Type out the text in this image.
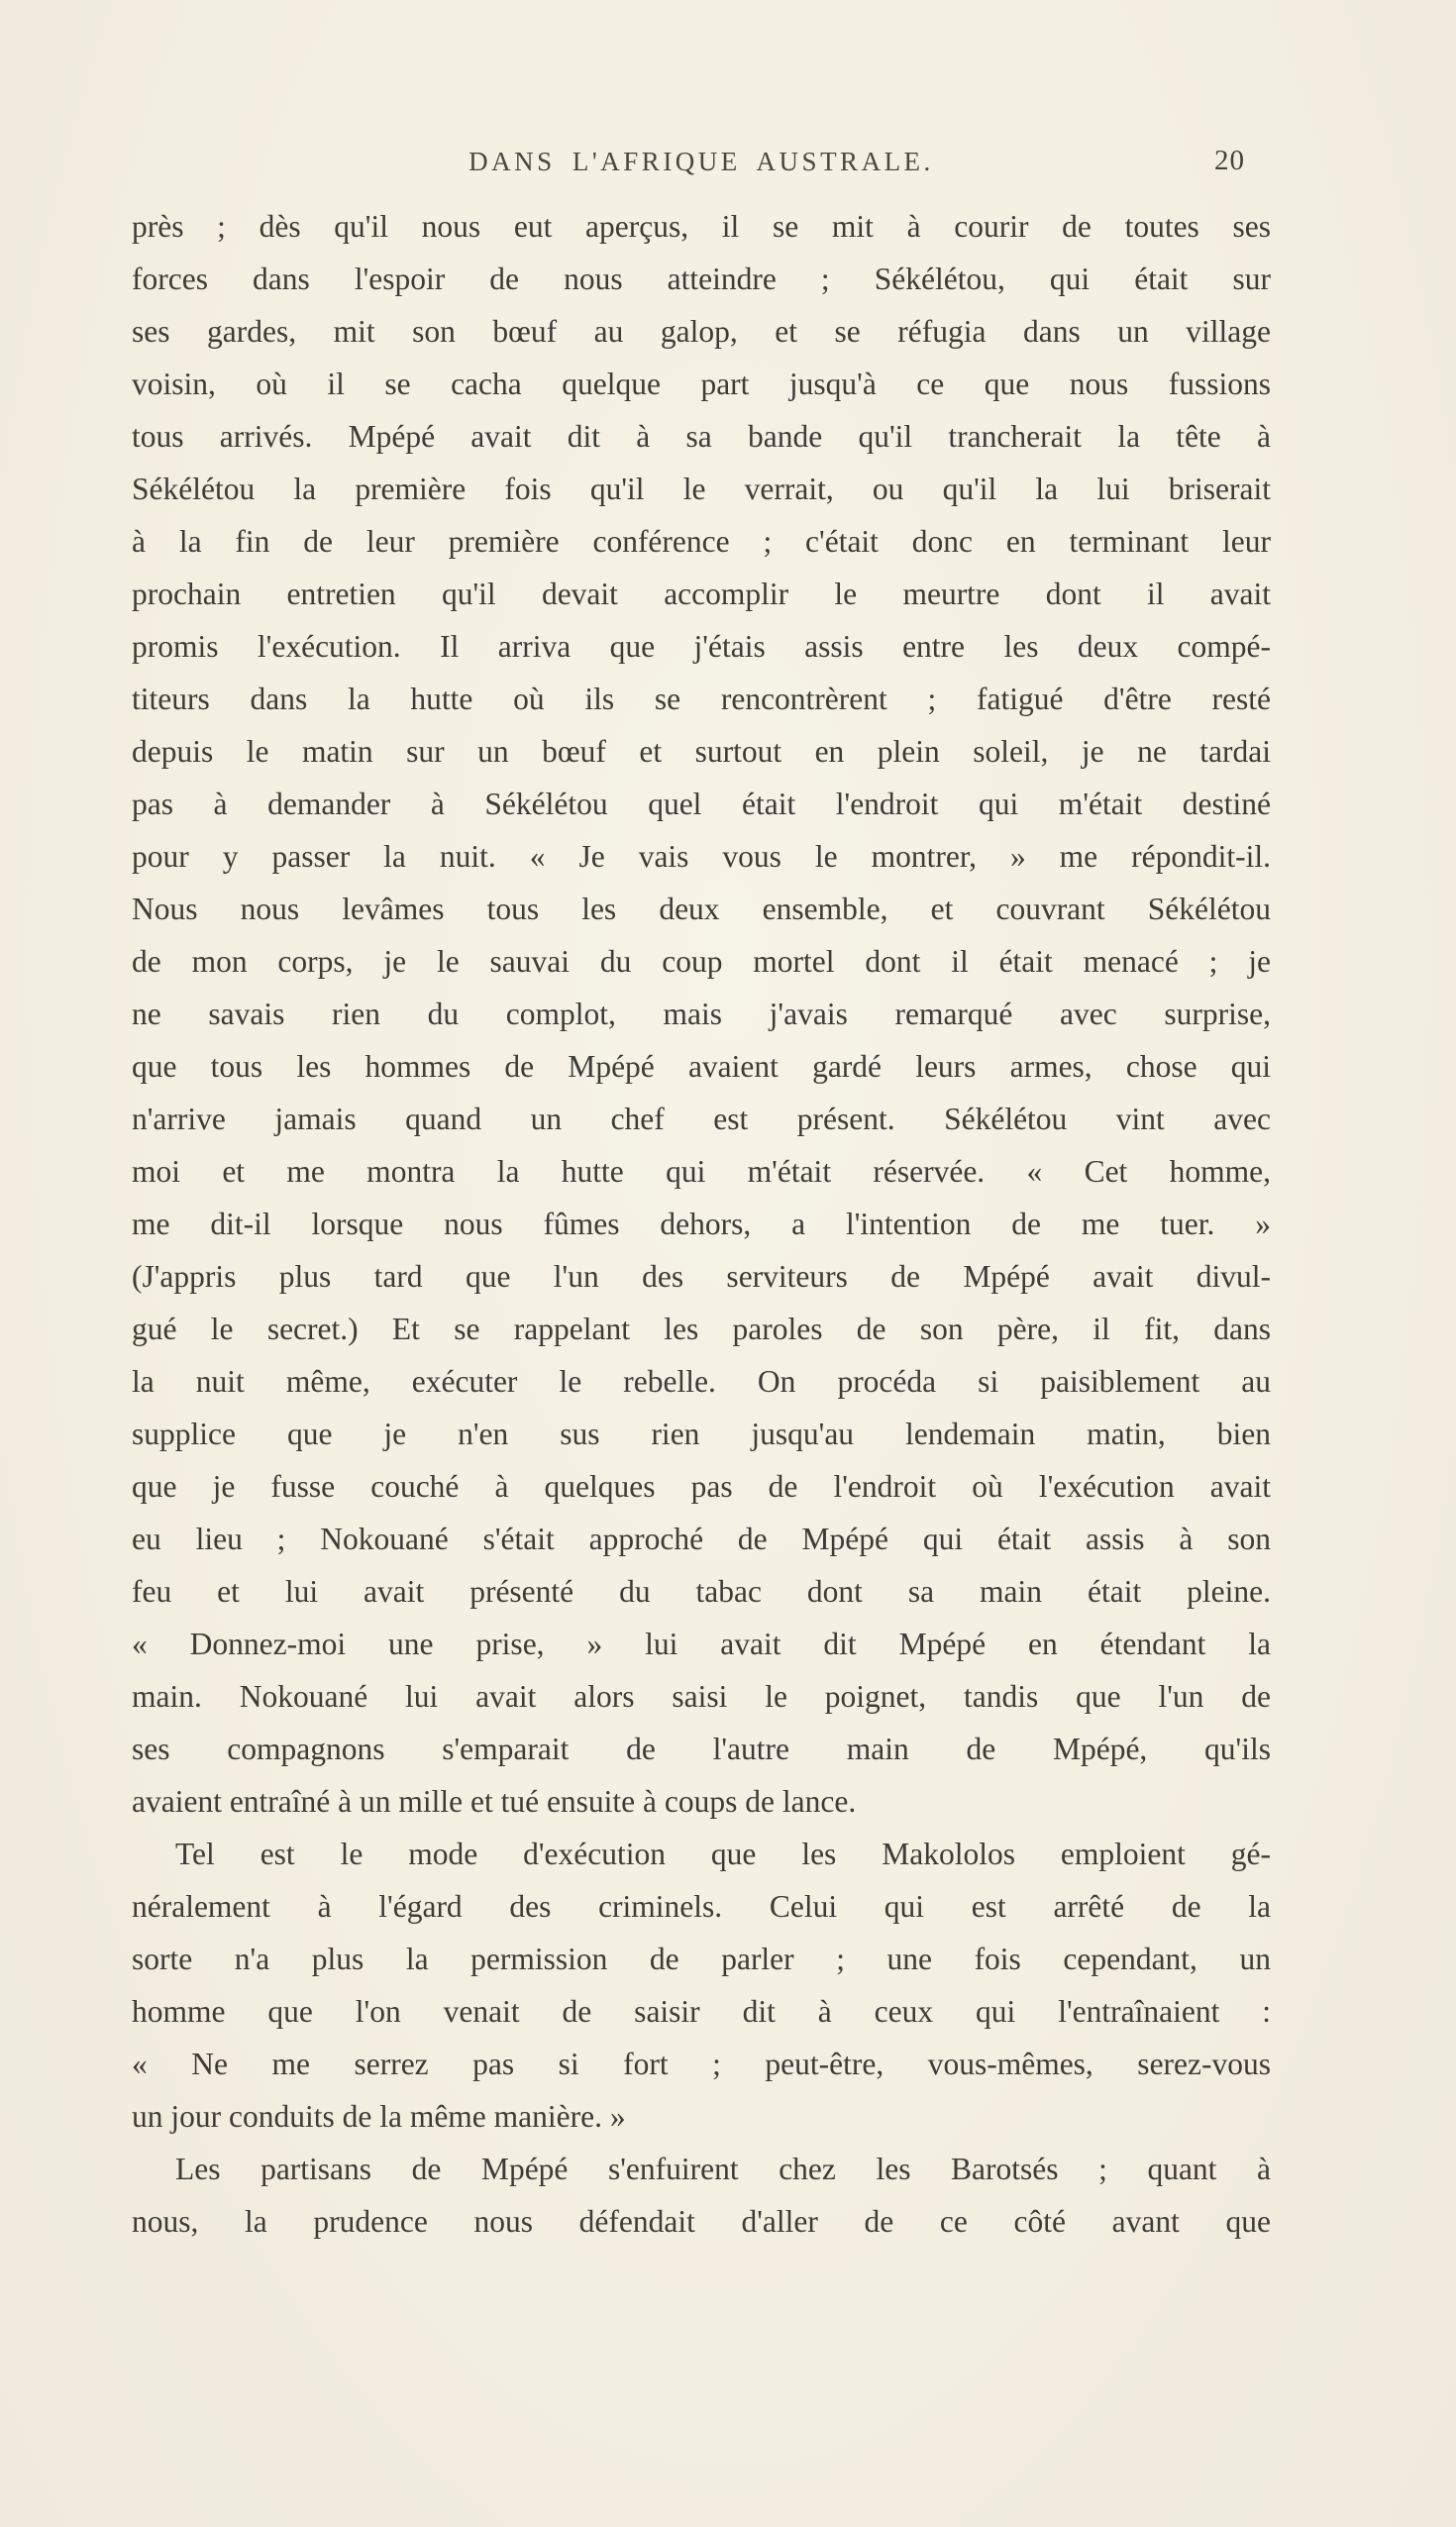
DANS L'AFRIQUE AUSTRALE.	20
près ; dès qu'il nous eut aperçus, il se mit à courir de toutes ses
forces dans l'espoir de nous atteindre ; Sékélétou, qui était sur
ses gardes, mit son bœuf au galop, et se réfugia dans un village
voisin, où il se cacha quelque part jusqu'à ce que nous fussions
tous arrivés. Mpépé avait dit à sa bande qu'il trancherait la tête à
Sékélétou la première fois qu'il le verrait, ou qu'il la lui briserait
à la fin de leur première conférence ; c'était donc en terminant leur
prochain entretien qu'il devait accomplir le meurtre dont il avait
promis l'exécution. Il arriva que j'étais assis entre les deux compé-
titeurs dans la hutte où ils se rencontrèrent ; fatigué d'être resté
depuis le matin sur un bœuf et surtout en plein soleil, je ne tardai
pas à demander à Sékélétou quel était l'endroit qui m'était destiné
pour y passer la nuit. « Je vais vous le montrer, » me répondit-il.
Nous nous levâmes tous les deux ensemble, et couvrant Sékélétou
de mon corps, je le sauvai du coup mortel dont il était menacé ; je
ne savais rien du complot, mais j'avais remarqué avec surprise,
que tous les hommes de Mpépé avaient gardé leurs armes, chose qui
n'arrive jamais quand un chef est présent. Sékélétou vint avec
moi et me montra la hutte qui m'était réservée. « Cet homme,
me dit-il lorsque nous fûmes dehors, a l'intention de me tuer. »
(J'appris plus tard que l'un des serviteurs de Mpépé avait divul-
gué le secret.) Et se rappelant les paroles de son père, il fit, dans
la nuit même, exécuter le rebelle. On procéda si paisiblement au
supplice que je n'en sus rien jusqu'au lendemain matin, bien
que je fusse couché à quelques pas de l'endroit où l'exécution avait
eu lieu ; Nokouané s'était approché de Mpépé qui était assis à son
feu et lui avait présenté du tabac dont sa main était pleine.
« Donnez-moi une prise, » lui avait dit Mpépé en étendant la
main. Nokouané lui avait alors saisi le poignet, tandis que l'un de
ses compagnons s'emparait de l'autre main de Mpépé, qu'ils
avaient entraîné à un mille et tué ensuite à coups de lance.
Tel est le mode d'exécution que les Makololos emploient gé-
néralement à l'égard des criminels. Celui qui est arrêté de la
sorte n'a plus la permission de parler ; une fois cependant, un
homme que l'on venait de saisir dit à ceux qui l'entraînaient :
« Ne me serrez pas si fort ; peut-être, vous-mêmes, serez-vous
un jour conduits de la même manière. »
Les partisans de Mpépé s'enfuirent chez les Barotsés ; quant à
nous, la prudence nous défendait d'aller de ce côté avant que
